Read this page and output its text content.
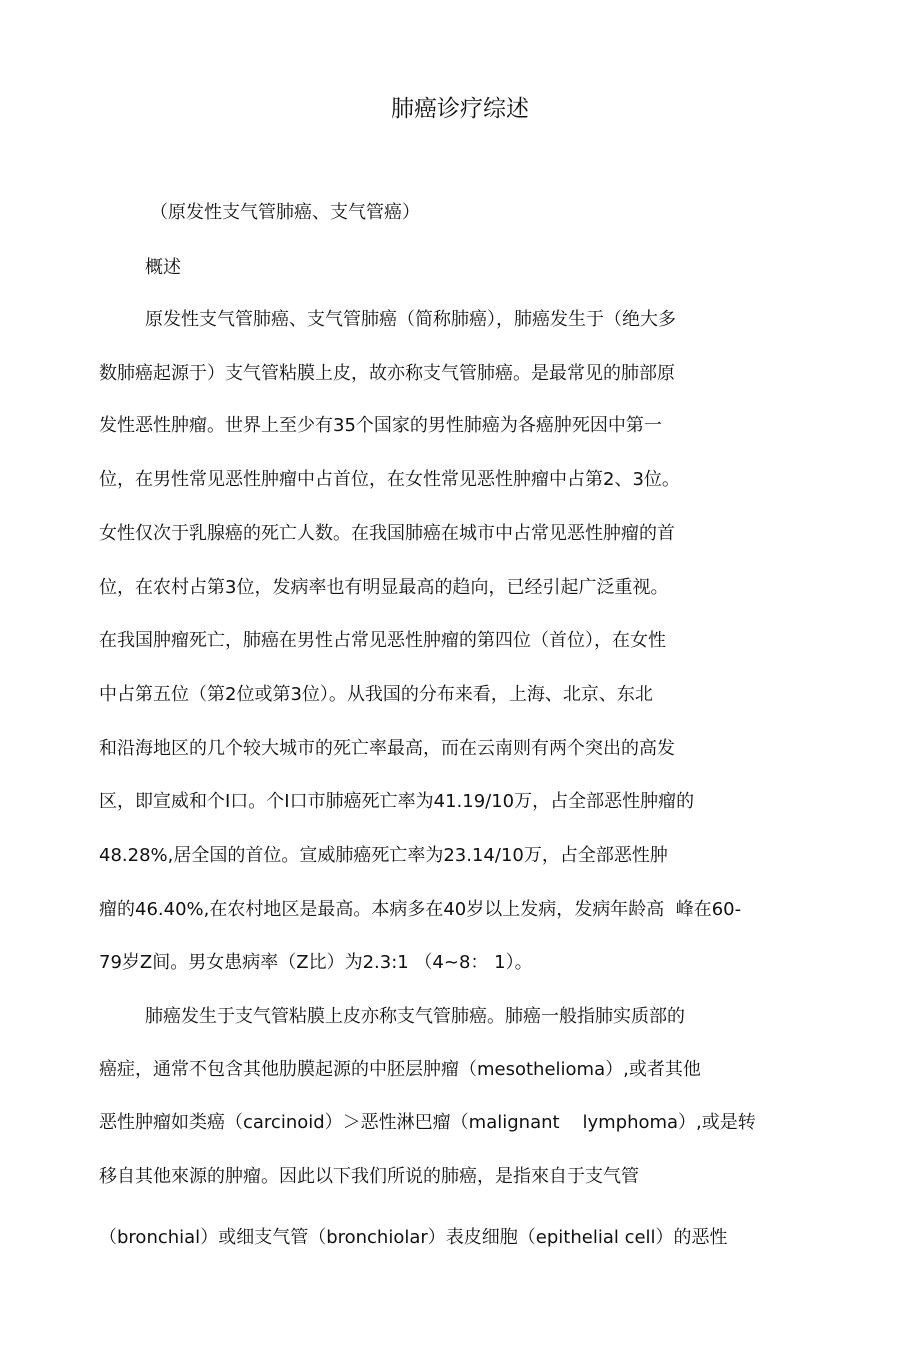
肺癌诊疗综述
（原发性支气管肺癌、支气管癌）
概述
原发性支气管肺癌、支气管肺癌（简称肺癌），肺癌发生于（绝大多
数肺癌起源于）支气管粘膜上皮，故亦称支气管肺癌。是最常见的肺部原
发性恶性肿瘤。世界上至少有35个国家的男性肺癌为各癌肿死因中第一
位，在男性常见恶性肿瘤中占首位，在女性常见恶性肿瘤中占第2、3位。
女性仅次于乳腺癌的死亡人数。在我国肺癌在城市中占常见恶性肿瘤的首
位，在农村占第3位，发病率也有明显最高的趋向，已经引起广泛重视。
在我国肿瘤死亡，肺癌在男性占常见恶性肿瘤的第四位（首位），在女性
中占第五位（第2位或第3位）。从我国的分布来看，上海、北京、东北
和沿海地区的几个较大城市的死亡率最高，而在云南则有两个突出的高发
区，即宣威和个I口。个I口市肺癌死亡率为41.19/10万，占全部恶性肿瘤的
48.28%,居全国的首位。宣威肺癌死亡率为23.14/10万，占全部恶性肿
瘤的46.40%,在农村地区是最高。本病多在40岁以上发病，发病年龄高  峰在60-
79岁Z间。男女患病率（Z比）为2.3:1 （4~8： 1）。
肺癌发生于支气管粘膜上皮亦称支气管肺癌。肺癌一般指肺实质部的
癌症，通常不包含其他肋膜起源的中胚层肿瘤（mesothelioma）,或者其他
恶性肿瘤如类癌（carcinoid）＞恶性淋巴瘤（malignant    lymphoma）,或是转
移自其他來源的肿瘤。因此以下我们所说的肺癌，是指來自于支气管
（bronchial）或细支气管（bronchiolar）表皮细胞（epithelial cell）的恶性
